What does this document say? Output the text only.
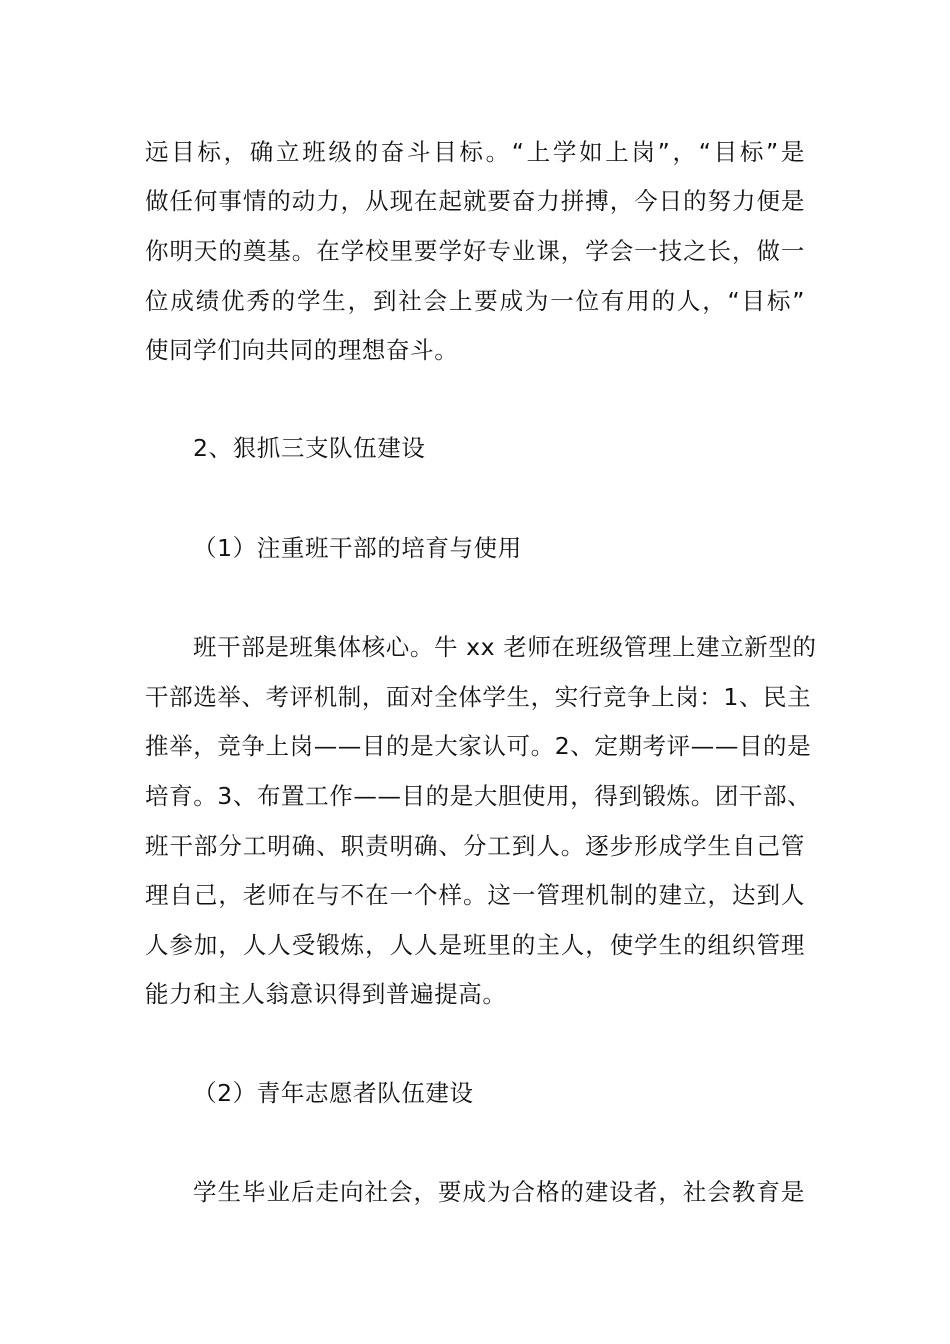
远目标，确立班级的奋斗目标。“上学如上岗”，“目标”是
做任何事情的动力，从现在起就要奋力拼搏，今日的努力便是
你明天的奠基。在学校里要学好专业课，学会一技之长，做一
位成绩优秀的学生，到社会上要成为一位有用的人，“目标”
使同学们向共同的理想奋斗。
2、狠抓三支队伍建设
（1）注重班干部的培育与使用
班干部是班集体核心。牛 xx 老师在班级管理上建立新型的
干部选举、考评机制，面对全体学生，实行竞争上岗：1、民主
推举，竞争上岗——目的是大家认可。2、定期考评——目的是
培育。3、布置工作——目的是大胆使用，得到锻炼。团干部、
班干部分工明确、职责明确、分工到人。逐步形成学生自己管
理自己，老师在与不在一个样。这一管理机制的建立，达到人
人参加，人人受锻炼，人人是班里的主人，使学生的组织管理
能力和主人翁意识得到普遍提高。
（2）青年志愿者队伍建设
学生毕业后走向社会，要成为合格的建设者，社会教育是
